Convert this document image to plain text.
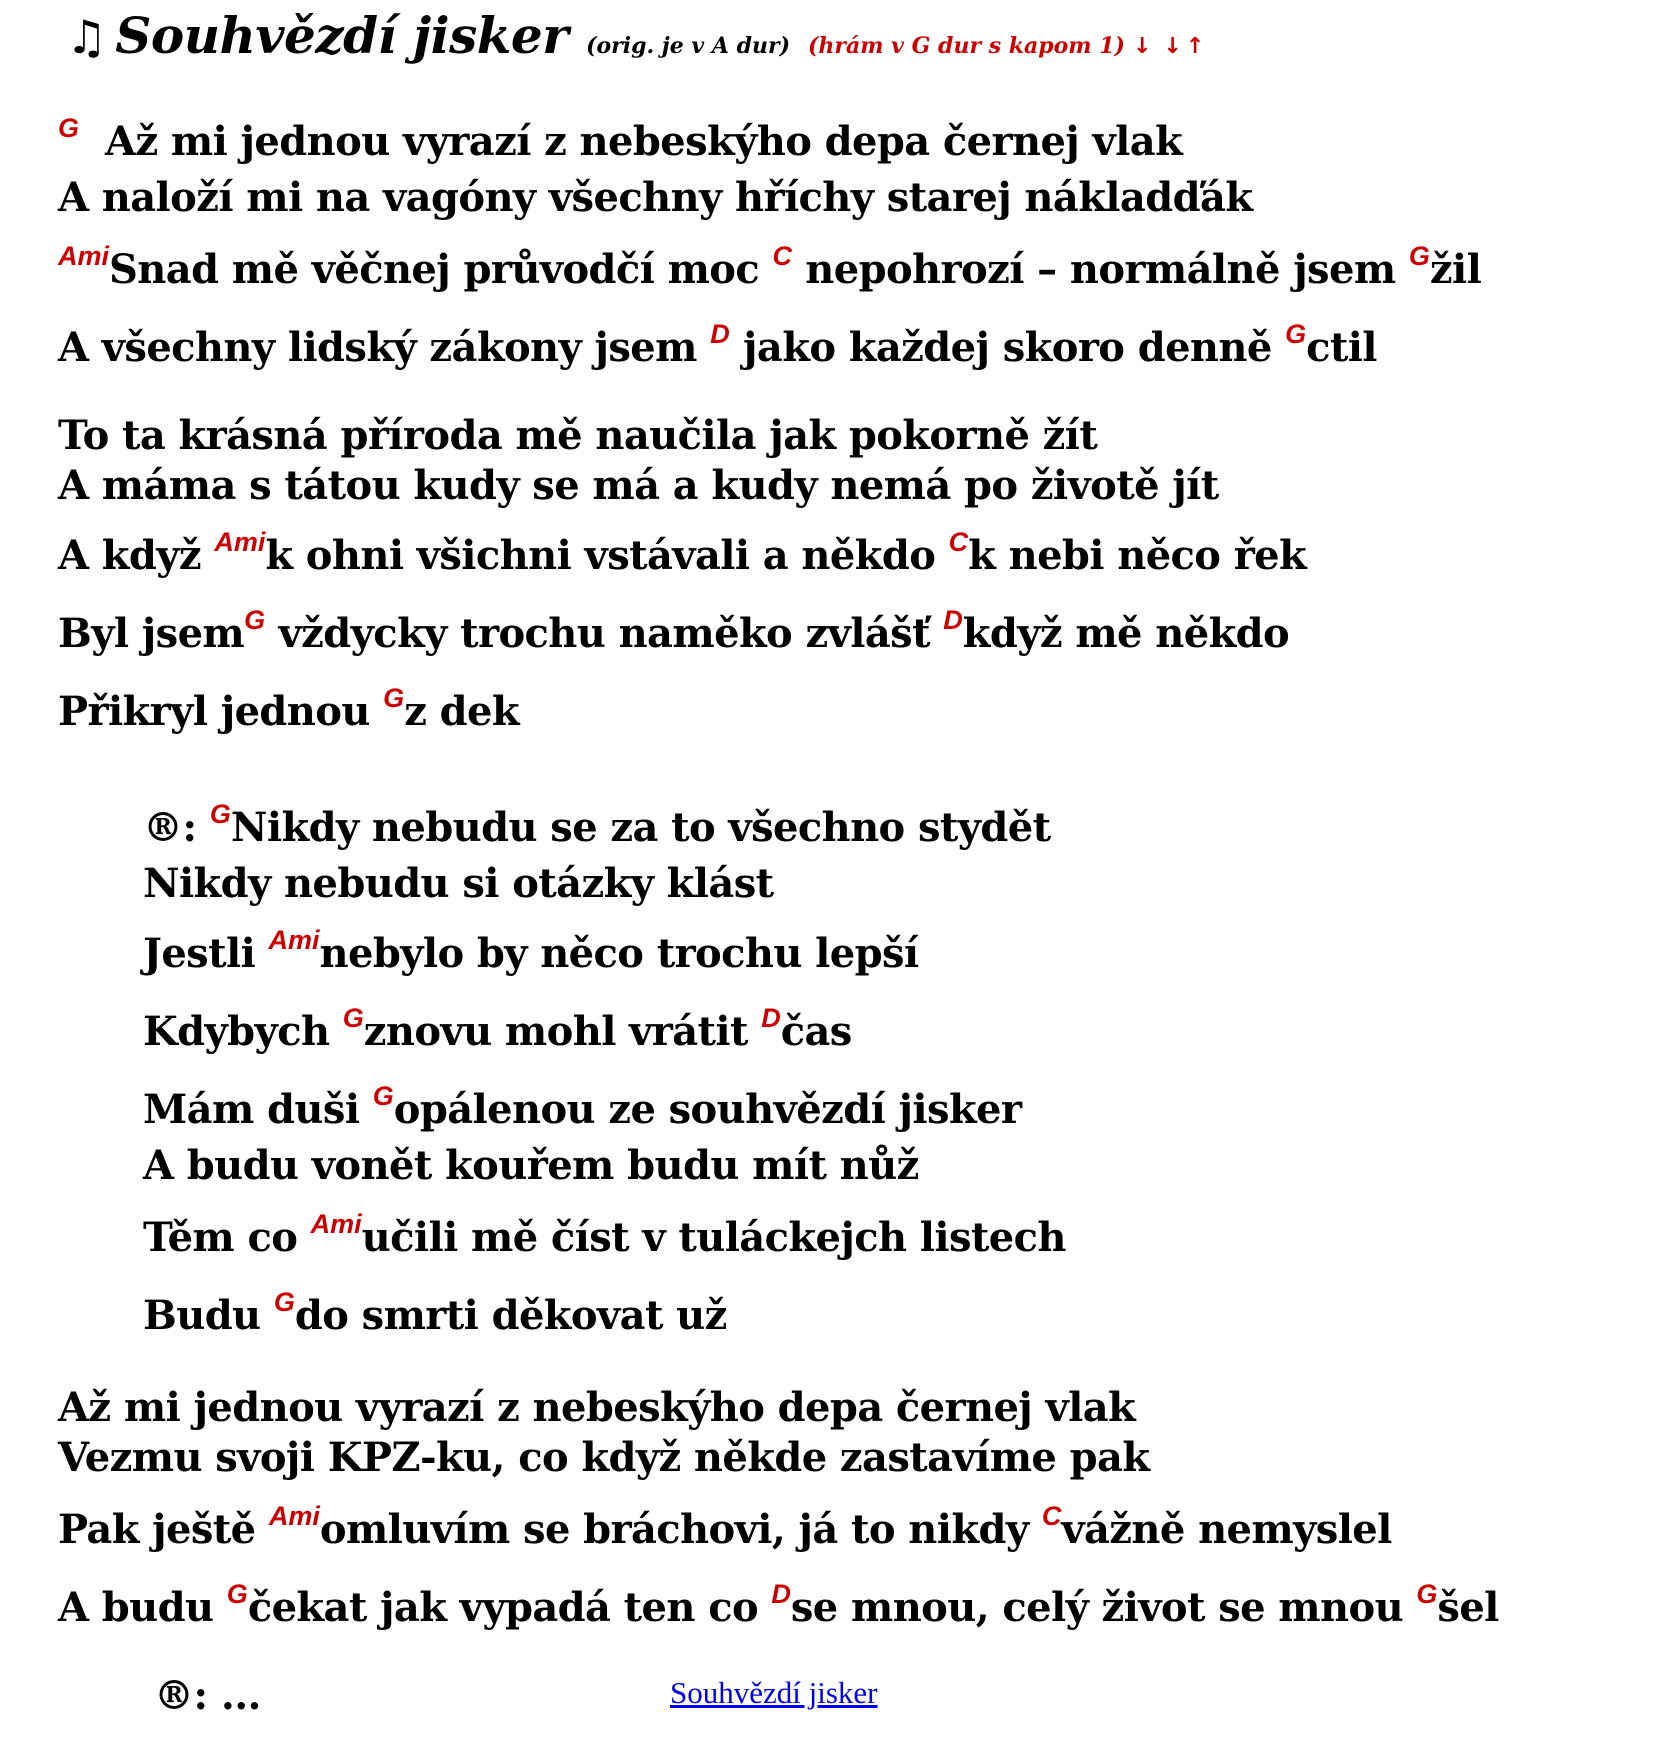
♫ Souhvězdí jisker (orig. je v A dur) (hrám v G dur s kapom 1) ↓ ↓↑
$^G$ Až mi jednou vyrazí z nebeskýho depa černej vlak
A naloží mi na vagóny všechny hříchy starej nákladďák
$^{Ami}$Snad mě věčnej průvodčí moc $^C$ nepohrozí – normálně jsem $^G$žil
A všechny lidský zákony jsem $^D$ jako každej skoro denně $^G$ctil
To ta krásná příroda mě naučila jak pokorně žít
A máma s tátou kudy se má a kudy nemá po životě jít
A když $^{Ami}$k ohni všichni vstávali a někdo $^C$k nebi něco řek
Byl jsem$^G$ vždycky trochu naměko zvlášť $^D$když mě někdo
Přikryl jednou $^G$z dek
®: $^G$Nikdy nebudu se za to všechno stydět
Nikdy nebudu si otázky klást
Jestli $^{Ami}$nebylo by něco trochu lepší
Kdybych $^G$znovu mohl vrátit $^D$čas
Mám duši $^G$opálenou ze souhvězdí jisker
A budu vonět kouřem budu mít nůž
Těm co $^{Ami}$učili mě číst v tuláckejch listech
Budu $^G$do smrti děkovat už
Až mi jednou vyrazí z nebeskýho depa černej vlak
Vezmu svoji KPZ-ku, co když někde zastavíme pak
Pak ještě $^{Ami}$omluvím se bráchovi, já to nikdy $^C$vážně nemyslel
A budu $^G$čekat jak vypadá ten co $^D$se mnou, celý život se mnou $^G$šel
®: ...	Souhvězdí jisker
